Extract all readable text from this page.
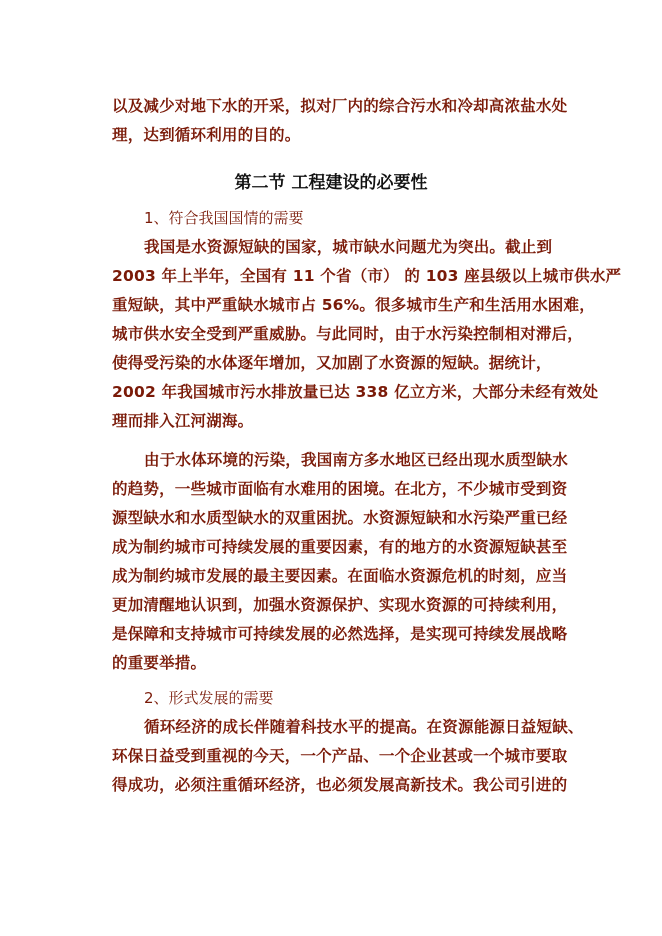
以及减少对地下水的开采，拟对厂内的综合污水和冷却高浓盐水处
理，达到循环利用的目的。
第二节 工程建设的必要性
1、符合我国国情的需要
我国是水资源短缺的国家，城市缺水问题尤为突出。截止到
2003 年上半年，全国有 11 个省（市） 的 103 座县级以上城市供水严
重短缺，其中严重缺水城市占 56%。很多城市生产和生活用水困难，
城市供水安全受到严重威胁。与此同时，由于水污染控制相对滞后，
使得受污染的水体逐年增加，又加剧了水资源的短缺。据统计，
2002 年我国城市污水排放量已达 338 亿立方米，大部分未经有效处
理而排入江河湖海。
由于水体环境的污染，我国南方多水地区已经出现水质型缺水
的趋势，一些城市面临有水难用的困境。在北方，不少城市受到资
源型缺水和水质型缺水的双重困扰。水资源短缺和水污染严重已经
成为制约城市可持续发展的重要因素，有的地方的水资源短缺甚至
成为制约城市发展的最主要因素。在面临水资源危机的时刻，应当
更加清醒地认识到，加强水资源保护、实现水资源的可持续利用，
是保障和支持城市可持续发展的必然选择，是实现可持续发展战略
的重要举措。
2、形式发展的需要
循环经济的成长伴随着科技水平的提高。在资源能源日益短缺、
环保日益受到重视的今天，一个产品、一个企业甚或一个城市要取
得成功，必须注重循环经济，也必须发展高新技术。我公司引进的
